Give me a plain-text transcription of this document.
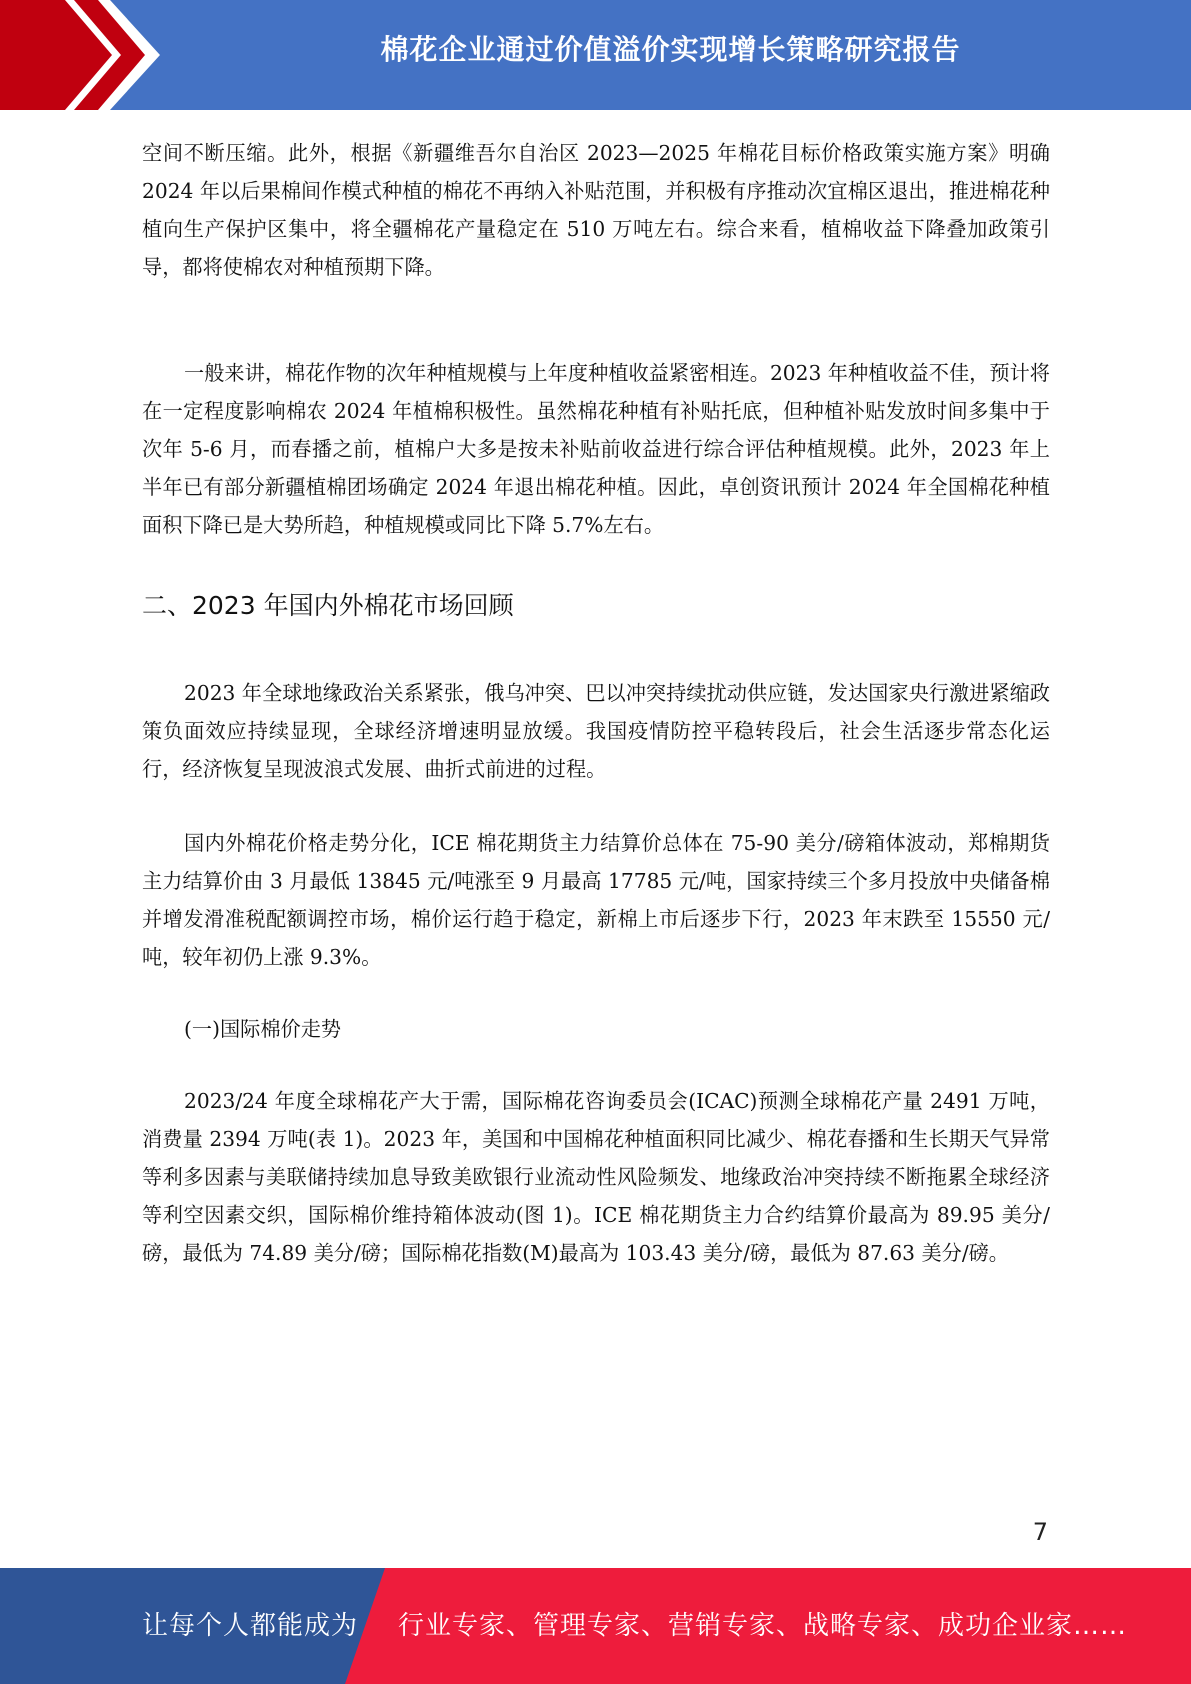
棉花企业通过价值溢价实现增长策略研究报告

空间不断压缩。此外，根据《新疆维吾尔自治区 2023—2025 年棉花目标价格政策实施方案》明确 2024 年以后果棉间作模式种植的棉花不再纳入补贴范围，并积极有序推动次宜棉区退出，推进棉花种植向生产保护区集中，将全疆棉花产量稳定在 510 万吨左右。综合来看，植棉收益下降叠加政策引导，都将使棉农对种植预期下降。

一般来讲，棉花作物的次年种植规模与上年度种植收益紧密相连。2023 年种植收益不佳，预计将在一定程度影响棉农 2024 年植棉积极性。虽然棉花种植有补贴托底，但种植补贴发放时间多集中于次年 5-6 月，而春播之前，植棉户大多是按未补贴前收益进行综合评估种植规模。此外，2023 年上半年已有部分新疆植棉团场确定 2024 年退出棉花种植。因此，卓创资讯预计 2024 年全国棉花种植面积下降已是大势所趋，种植规模或同比下降 5.7%左右。

二、2023 年国内外棉花市场回顾

2023 年全球地缘政治关系紧张，俄乌冲突、巴以冲突持续扰动供应链，发达国家央行激进紧缩政策负面效应持续显现，全球经济增速明显放缓。我国疫情防控平稳转段后，社会生活逐步常态化运行，经济恢复呈现波浪式发展、曲折式前进的过程。

国内外棉花价格走势分化，ICE 棉花期货主力结算价总体在 75-90 美分/磅箱体波动，郑棉期货主力结算价由 3 月最低 13845 元/吨涨至 9 月最高 17785 元/吨，国家持续三个多月投放中央储备棉并增发滑准税配额调控市场，棉价运行趋于稳定，新棉上市后逐步下行，2023 年末跌至 15550 元/吨，较年初仍上涨 9.3%。

(一)国际棉价走势

2023/24 年度全球棉花产大于需，国际棉花咨询委员会(ICAC)预测全球棉花产量 2491 万吨，消费量 2394 万吨(表 1)。2023 年，美国和中国棉花种植面积同比减少、棉花春播和生长期天气异常等利多因素与美联储持续加息导致美欧银行业流动性风险频发、地缘政治冲突持续不断拖累全球经济等利空因素交织，国际棉价维持箱体波动(图 1)。ICE 棉花期货主力合约结算价最高为 89.95 美分/磅，最低为 74.89 美分/磅；国际棉花指数(M)最高为 103.43 美分/磅，最低为 87.63 美分/磅。

7
让每个人都能成为 行业专家、管理专家、营销专家、战略专家、成功企业家……
